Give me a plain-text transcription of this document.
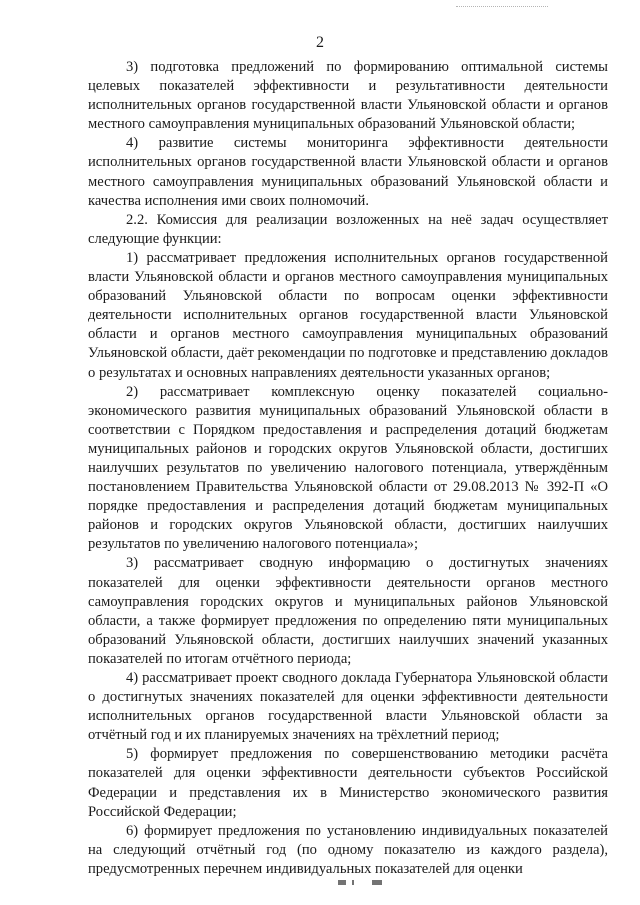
2

3) подготовка предложений по формированию оптимальной системы целевых показателей эффективности и результативности деятельности исполнительных органов государственной власти Ульяновской области и органов местного самоуправления муниципальных образований Ульяновской области;

4) развитие системы мониторинга эффективности деятельности исполнительных органов государственной власти Ульяновской области и органов местного самоуправления муниципальных образований Ульяновской области и качества исполнения ими своих полномочий.

2.2. Комиссия для реализации возложенных на неё задач осуществляет следующие функции:

1) рассматривает предложения исполнительных органов государственной власти Ульяновской области и органов местного самоуправления муниципальных образований Ульяновской области по вопросам оценки эффективности деятельности исполнительных органов государственной власти Ульяновской области и органов местного самоуправления муниципальных образований Ульяновской области, даёт рекомендации по подготовке и представлению докладов о результатах и основных направлениях деятельности указанных органов;

2) рассматривает комплексную оценку показателей социально-экономического развития муниципальных образований Ульяновской области в соответствии с Порядком предоставления и распределения дотаций бюджетам муниципальных районов и городских округов Ульяновской области, достигших наилучших результатов по увеличению налогового потенциала, утверждённым постановлением Правительства Ульяновской области от 29.08.2013 № 392-П «О порядке предоставления и распределения дотаций бюджетам муниципальных районов и городских округов Ульяновской области, достигших наилучших результатов по увеличению налогового потенциала»;

3) рассматривает сводную информацию о достигнутых значениях показателей для оценки эффективности деятельности органов местного самоуправления городских округов и муниципальных районов Ульяновской области, а также формирует предложения по определению пяти муниципальных образований Ульяновской области, достигших наилучших значений указанных показателей по итогам отчётного периода;

4) рассматривает проект сводного доклада Губернатора Ульяновской области о достигнутых значениях показателей для оценки эффективности деятельности исполнительных органов государственной власти Ульяновской области за отчётный год и их планируемых значениях на трёхлетний период;

5) формирует предложения по совершенствованию методики расчёта показателей для оценки эффективности деятельности субъектов Российской Федерации и представления их в Министерство экономического развития Российской Федерации;

6) формирует предложения по установлению индивидуальных показателей на следующий отчётный год (по одному показателю из каждого раздела), предусмотренных перечнем индивидуальных показателей для оценки
